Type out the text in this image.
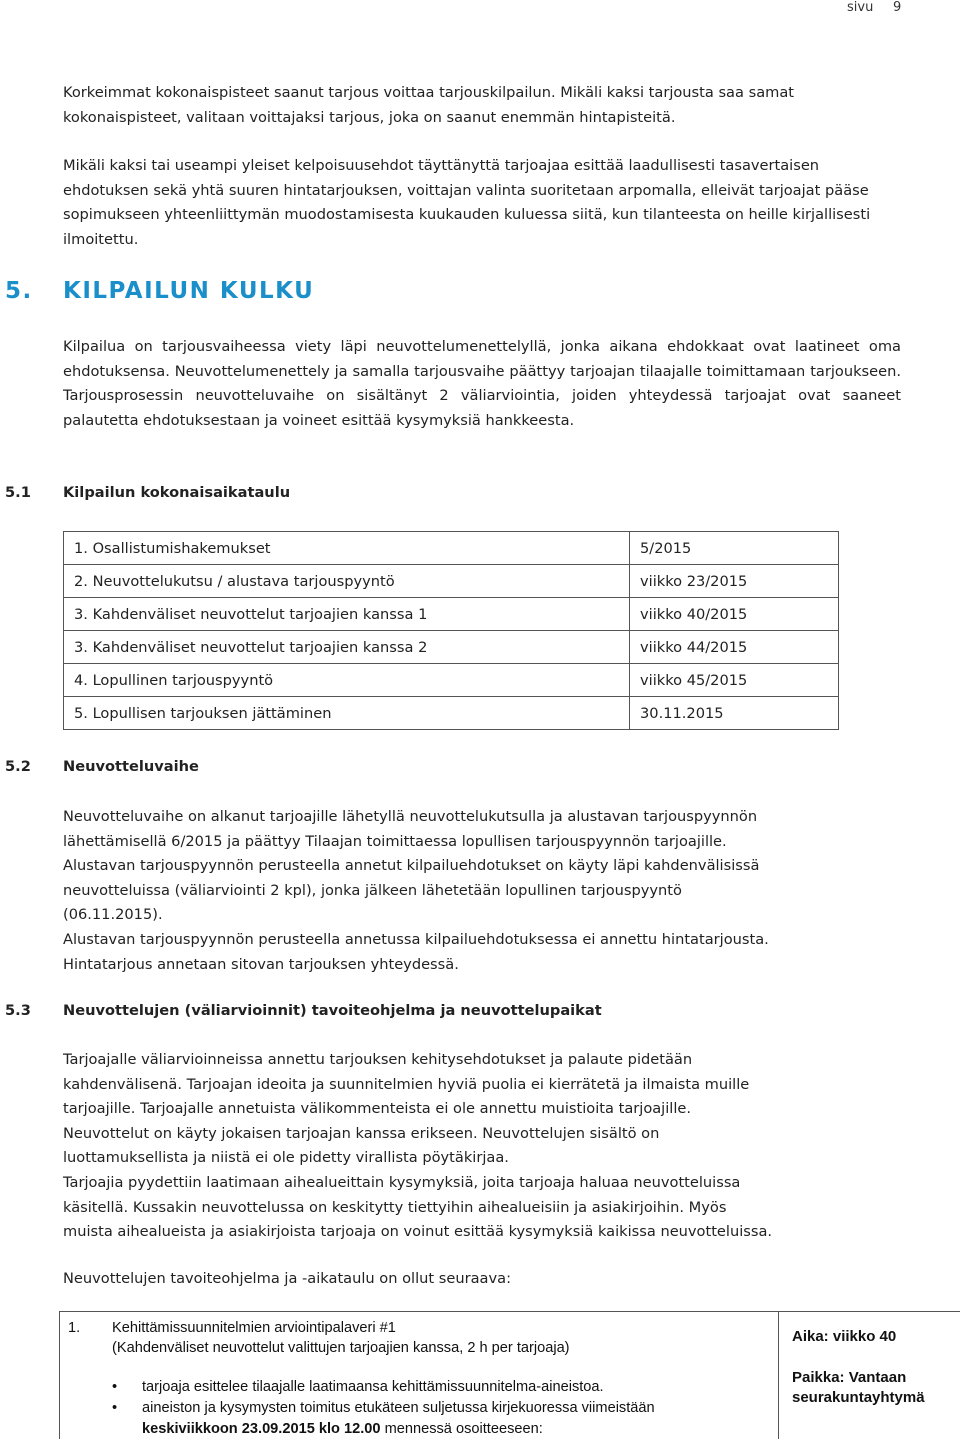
sivu 9

Korkeimmat kokonaispisteet saanut tarjous voittaa tarjouskilpailun. Mikäli kaksi tarjousta saa samat kokonaispisteet, valitaan voittajaksi tarjous, joka on saanut enemmän hintapisteitä.

Mikäli kaksi tai useampi yleiset kelpoisuusehdot täyttänyttä tarjoajaa esittää laadullisesti tasavertaisen ehdotuksen sekä yhtä suuren hintatarjouksen, voittajan valinta suoritetaan arpomalla, elleivät tarjoajat pääse sopimukseen yhteenliittymän muodostamisesta kuukauden kuluessa siitä, kun tilanteesta on heille kirjallisesti ilmoitettu.

5. KILPAILUN KULKU

Kilpailua on tarjousvaiheessa viety läpi neuvottelumenettelyllä, jonka aikana ehdokkaat ovat laatineet oma ehdotuksensa. Neuvottelumenettely ja samalla tarjousvaihe päättyy tarjoajan tilaajalle toimittamaan tarjoukseen. Tarjousprosessin neuvotteluvaihe on sisältänyt 2 väliarviointia, joiden yhteydessä tarjoajat ovat saaneet palautetta ehdotuksestaan ja voineet esittää kysymyksiä hankkeesta.

5.1 Kilpailun kokonaisaikataulu
1. Osallistumishakemukset	5/2015
2. Neuvottelukutsu / alustava tarjouspyyntö	viikko 23/2015
3. Kahdenväliset neuvottelut tarjoajien kanssa 1	viikko 40/2015
3. Kahdenväliset neuvottelut tarjoajien kanssa 2	viikko 44/2015
4. Lopullinen tarjouspyyntö	viikko 45/2015
5. Lopullisen tarjouksen jättäminen	30.11.2015
5.2 Neuvotteluvaihe
Neuvotteluvaihe on alkanut tarjoajille lähetyllä neuvottelukutsulla ja alustavan tarjouspyynnön
lähettämisellä 6/2015 ja päättyy Tilaajan toimittaessa lopullisen tarjouspyynnön tarjoajille.
Alustavan tarjouspyynnön perusteella annetut kilpailuehdotukset on käyty läpi kahdenvälisissä
neuvotteluissa (väliarviointi 2 kpl), jonka jälkeen lähetetään lopullinen tarjouspyyntö
(06.11.2015).
Alustavan tarjouspyynnön perusteella annetussa kilpailuehdotuksessa ei annettu hintatarjousta.
Hintatarjous annetaan sitovan tarjouksen yhteydessä.
5.3 Neuvottelujen (väliarvioinnit) tavoiteohjelma ja neuvottelupaikat
Tarjoajalle väliarvioinneissa annettu tarjouksen kehitysehdotukset ja palaute pidetään
kahdenvälisenä. Tarjoajan ideoita ja suunnitelmien hyviä puolia ei kierrätetä ja ilmaista muille
tarjoajille. Tarjoajalle annetuista välikommenteista ei ole annettu muistioita tarjoajille.
Neuvottelut on käyty jokaisen tarjoajan kanssa erikseen. Neuvottelujen sisältö on
luottamuksellista ja niistä ei ole pidetty virallista pöytäkirjaa.
Tarjoajia pyydettiin laatimaan aihealueittain kysymyksiä, joita tarjoaja haluaa neuvotteluissa
käsitellä. Kussakin neuvottelussa on keskitytty tiettyihin aihealueisiin ja asiakirjoihin. Myös
muista aihealueista ja asiakirjoista tarjoaja on voinut esittää kysymyksiä kaikissa neuvotteluissa.

Neuvottelujen tavoiteohjelma ja -aikataulu on ollut seuraava:

1. Kehittämissuunnitelmien arviointipalaveri #1
(Kahdenväliset neuvottelut valittujen tarjoajien kanssa, 2 h per tarjoaja)
• tarjoaja esittelee tilaajalle laatimaansa kehittämissuunnitelma-aineistoa.
• aineiston ja kysymysten toimitus etukäteen suljetussa kirjekuoressa viimeistään
keskiviikkoon 23.09.2015 klo 12.00 mennessä osoitteeseen:
Aika: viikko 40
Paikka: Vantaan seurakuntayhtymä
